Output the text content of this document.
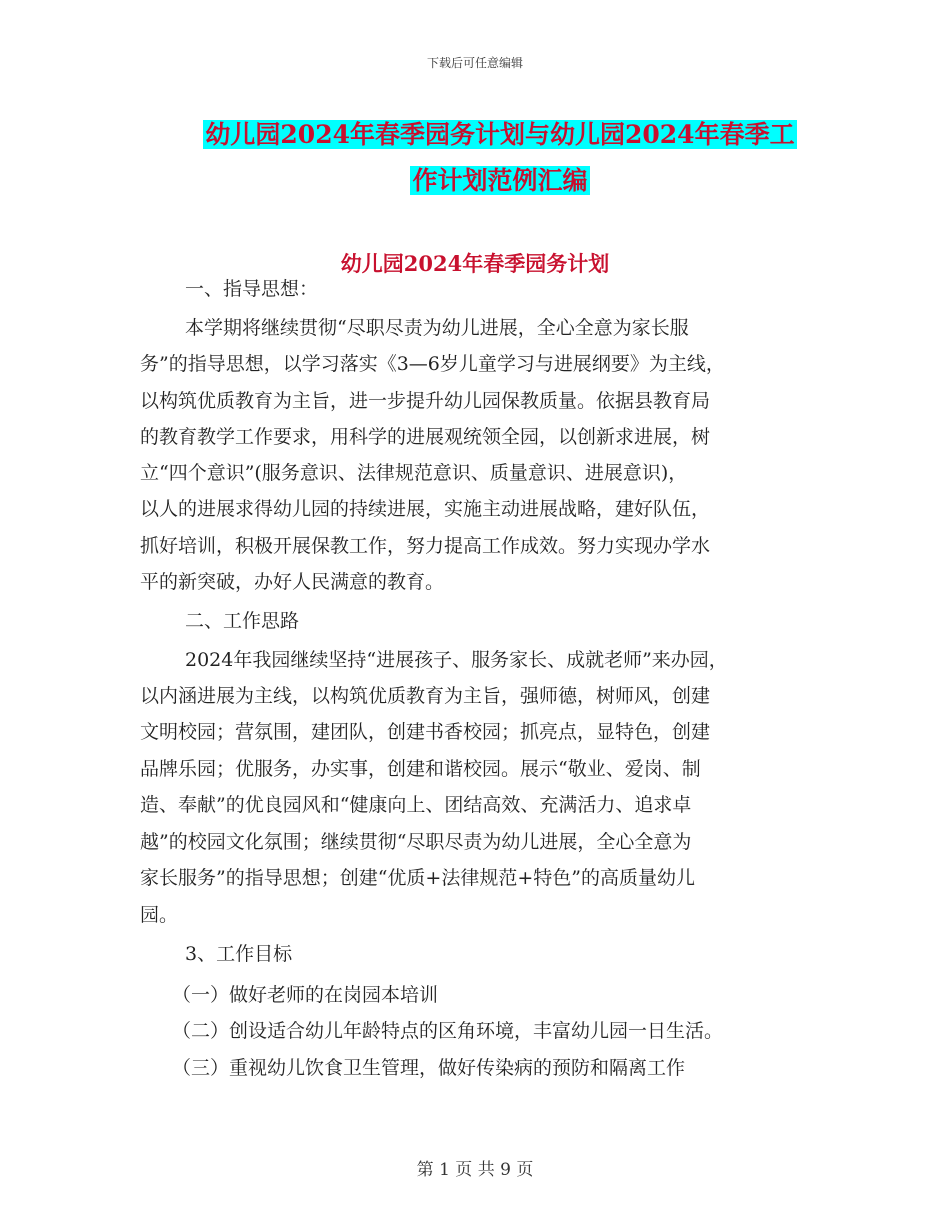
下载后可任意编辑
幼儿园2024年春季园务计划与幼儿园2024年春季工
作计划范例汇编
幼儿园2024年春季园务计划
一、指导思想：
本学期将继续贯彻“尽职尽责为幼儿进展，全心全意为家长服
务”的指导思想，以学习落实《3—6岁儿童学习与进展纲要》为主线，
以构筑优质教育为主旨，进一步提升幼儿园保教质量。依据县教育局
的教育教学工作要求，用科学的进展观统领全园，以创新求进展，树
立“四个意识”(服务意识、法律规范意识、质量意识、进展意识)，
以人的进展求得幼儿园的持续进展，实施主动进展战略，建好队伍，
抓好培训，积极开展保教工作，努力提高工作成效。努力实现办学水
平的新突破，办好人民满意的教育。
二、工作思路
2024年我园继续坚持“进展孩子、服务家长、成就老师”来办园，
以内涵进展为主线，以构筑优质教育为主旨，强师德，树师风，创建
文明校园；营氛围，建团队，创建书香校园；抓亮点，显特色，创建
品牌乐园；优服务，办实事，创建和谐校园。展示“敬业、爱岗、制
造、奉献”的优良园风和“健康向上、团结高效、充满活力、追求卓
越”的校园文化氛围；继续贯彻“尽职尽责为幼儿进展，全心全意为
家长服务”的指导思想；创建“优质+法律规范+特色”的高质量幼儿
园。
3、工作目标
（一）做好老师的在岗园本培训
（二）创设适合幼儿年龄特点的区角环境，丰富幼儿园一日生活。
（三）重视幼儿饮食卫生管理，做好传染病的预防和隔离工作
第 1 页 共 9 页
